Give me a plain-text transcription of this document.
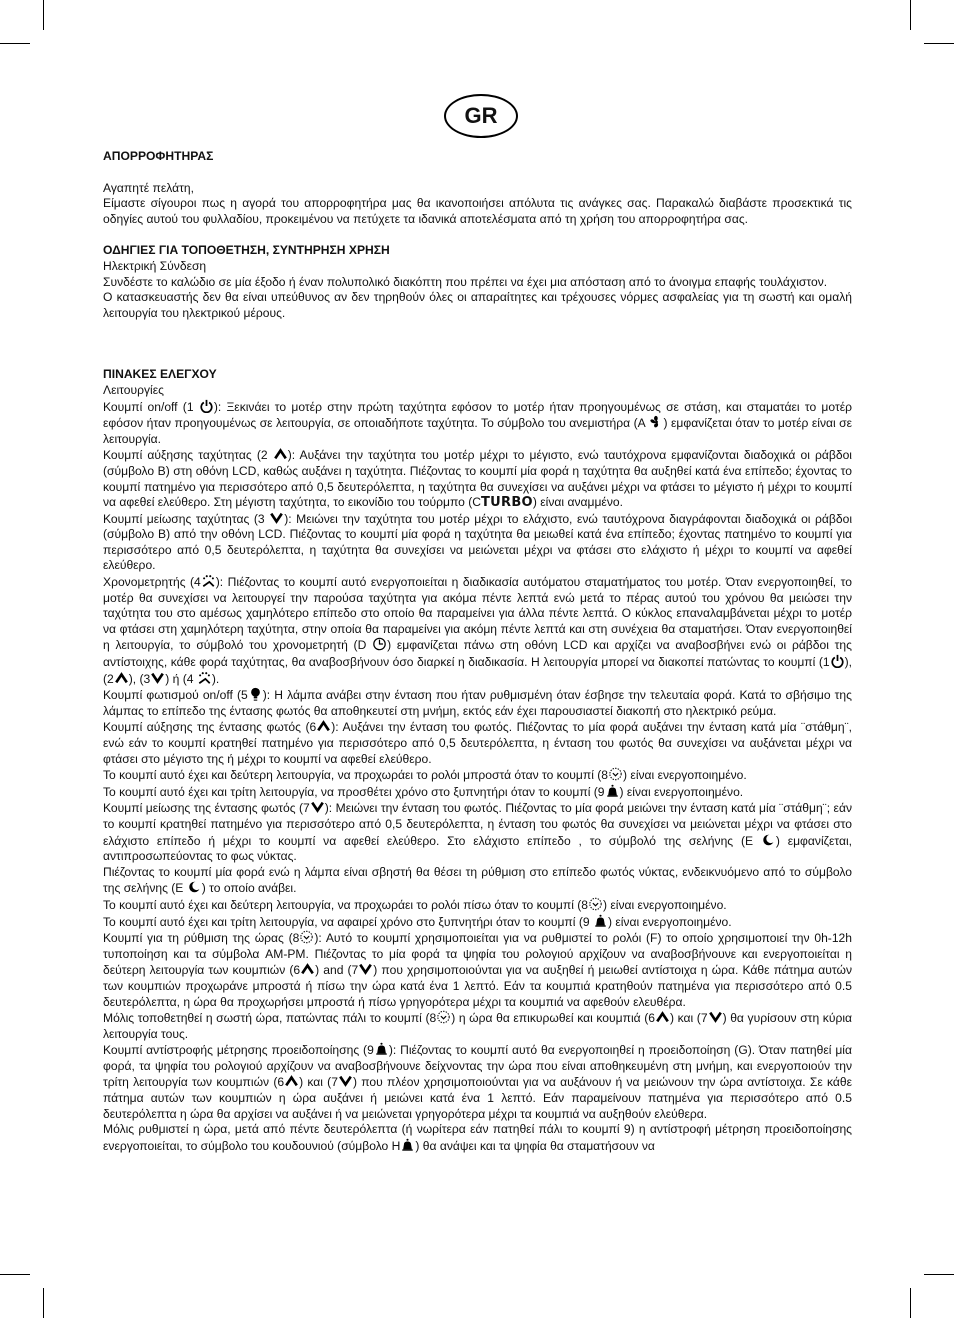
GR

ΑΠΟΡΡΟΦΗΤΗΡΑΣ

Αγαπητέ πελάτη,

Είμαστε σίγουροι πως η αγορά του απορροφητήρα μας θα ικανοποιήσει απόλυτα τις ανάγκες σας. Παρακαλώ διαβάστε προσεκτικά τις οδηγίες αυτού του φυλλαδίου, προκειμένου να πετύχετε τα ιδανικά αποτελέσματα από τη χρήση του απορροφητήρα σας.

ΟΔΗΓΙΕΣ ΓΙΑ ΤΟΠΟΘΕΤΗΣΗ, ΣΥΝΤΗΡΗΣΗ ΧΡΗΣΗ

Ηλεκτρική Σύνδεση

Συνδέστε το καλώδιο σε μία έξοδο ή έναν πολυπολικό διακόπτη που πρέπει να έχει μια απόσταση από το άνοιγμα επαφής τουλάχιστον.

Ο κατασκευαστής δεν θα είναι υπεύθυνος αν δεν τηρηθούν όλες οι απαραίτητες και τρέχουσες νόρμες ασφαλείας για τη σωστή και ομαλή λειτουργία του ηλεκτρικού μέρους.

ΠΙΝΑΚΕΣ ΕΛΕΓΧΟΥ

Λειτουργίες

Κουμπί on/off (1 ): Ξεκινάει το μοτέρ στην πρώτη ταχύτητα εφόσον το μοτέρ ήταν προηγουμένως σε στάση, και σταματάει το μοτέρ εφόσον ήταν προηγουμένως σε λειτουργία, σε οποιαδήποτε ταχύτητα. Το σύμβολο του ανεμιστήρα (A ) εμφανίζεται όταν το μοτέρ είναι σε λειτουργία.

Κουμπί αύξησης ταχύτητας (2 ): Αυξάνει την ταχύτητα του μοτέρ μέχρι το μέγιστο, ενώ ταυτόχρονα εμφανίζονται διαδοχικά οι ράβδοι (σύμβολο B) στη οθόνη LCD, καθώς αυξάνει η ταχύτητα. Πιέζοντας το κουμπί μία φορά η ταχύτητα θα αυξηθεί κατά ένα επίπεδο; έχοντας το κουμπί πατημένο για περισσότερο από 0,5 δευτερόλεπτα, η ταχύτητα θα συνεχίσει να αυξάνει μέχρι να φτάσει το μέγιστο ή μέχρι το κουμπί να αφεθεί ελεύθερο. Στη μέγιστη ταχύτητα, το εικονίδιο του τούρμπο (CTURBO) είναι αναμμένο.

Κουμπί μείωσης ταχύτητας (3 ): Μειώνει την ταχύτητα του μοτέρ μέχρι το ελάχιστο, ενώ ταυτόχρονα διαγράφονται διαδοχικά οι ράβδοι (σύμβολο B) από την οθόνη LCD. Πιέζοντας το κουμπί μία φορά η ταχύτητα θα μειωθεί κατά ένα επίπεδο; έχοντας πατημένο το κουμπί για περισσότερο από 0,5 δευτερόλεπτα, η ταχύτητα θα συνεχίσει να μειώνεται μέχρι να φτάσει στο ελάχιστο ή μέχρι το κουμπί να αφεθεί ελεύθερο.

Χρονομετρητής (4 ): Πιέζοντας το κουμπί αυτό ενεργοποιείται η διαδικασία αυτόματου σταματήματος του μοτέρ. Όταν ενεργοποιηθεί, το μοτέρ θα συνεχίσει να λειτουργεί την παρούσα ταχύτητα για ακόμα πέντε λεπτά ενώ μετά το πέρας αυτού του χρόνου θα μειώσει την ταχύτητα του στο αμέσως χαμηλότερο επίπεδο στο οποίο θα παραμείνει για άλλα πέντε λεπτά. Ο κύκλος επαναλαμβάνεται μέχρι το μοτέρ να φτάσει στη χαμηλότερη ταχύτητα, στην οποία θα παραμείνει για ακόμη πέντε λεπτά και στη συνέχεια θα σταματήσει. Όταν ενεργοποιηθεί η λειτουργία, το σύμβολό του χρονομετρητή (D ) εμφανίζεται πάνω στη οθόνη LCD και αρχίζει να αναβοσβήνει ενώ οι ράβδοι της αντίστοιχης, κάθε φορά ταχύτητας, θα αναβοσβήνουν όσο διαρκεί η διαδικασία. Η λειτουργία μπορεί να διακοπεί πατώντας το κουμπί (1 ), (2 ), (3 ) ή (4 ).

Κουμπί φωτισμού on/off (5 ): Η λάμπα ανάβει στην ένταση που ήταν ρυθμισμένη όταν έσβησε την τελευταία φορά. Κατά το σβήσιμο της λάμπας το επίπεδο της έντασης φωτός θα αποθηκευτεί στη μνήμη, εκτός εάν έχει παρουσιαστεί διακοπή στο ηλεκτρικό ρεύμα.

Κουμπί αύξησης της έντασης φωτός (6 ): Αυξάνει την ένταση του φωτός. Πιέζοντας το μία φορά αυξάνει την ένταση κατά μία ¨στάθμη¨, ενώ εάν το κουμπί κρατηθεί πατημένο για περισσότερο από 0,5 δευτερόλεπτα, η ένταση του φωτός θα συνεχίσει να αυξάνεται μέχρι να φτάσει στο μέγιστο της ή μέχρι το κουμπί να αφεθεί ελεύθερο.

Το κουμπί αυτό έχει και δεύτερη λειτουργία, να προχωράει το ρολόι μπροστά όταν το κουμπί (8 ) είναι ενεργοποιημένο.

Το κουμπί αυτό έχει και τρίτη λειτουργία, να προσθέτει χρόνο στο ξυπνητήρι όταν το κουμπί (9 ) είναι ενεργοποιημένο.

Κουμπί μείωσης της έντασης φωτός (7 ): Μειώνει την ένταση του φωτός. Πιέζοντας το μία φορά μειώνει την ένταση κατά μία ¨στάθμη¨; εάν το κουμπί κρατηθεί πατημένο για περισσότερο από 0,5 δευτερόλεπτα, η ένταση του φωτός θα συνεχίσει να μειώνεται μέχρι να φτάσει στο ελάχιστο επίπεδο ή μέχρι το κουμπί να αφεθεί ελεύθερο. Στο ελάχιστο επίπεδο , το σύμβολό της σελήνης (E ) εμφανίζεται, αντιπροσωπεύοντας το φως νύκτας.

Πιέζοντας το κουμπί μία φορά ενώ η λάμπα είναι σβηστή θα θέσει τη ρύθμιση στο επίπεδο φωτός νύκτας, ενδεικνυόμενο από το σύμβολο της σελήνης (E ) το οποίο ανάβει.

Το κουμπί αυτό έχει και δεύτερη λειτουργία, να προχωράει το ρολόι πίσω όταν το κουμπί (8 ) είναι ενεργοποιημένο.

Το κουμπί αυτό έχει και τρίτη λειτουργία, να αφαιρεί χρόνο στο ξυπνητήρι όταν το κουμπί (9 ) είναι ενεργοποιημένο.

Κουμπί για τη ρύθμιση της ώρας (8 ): Αυτό το κουμπί χρησιμοποιείται για να ρυθμιστεί το ρολόι (F) το οποίο χρησιμοποιεί την 0h-12h τυποποίηση και τα σύμβολα AM-PM. Πιέζοντας το μία φορά τα ψηφία του ρολογιού αρχίζουν να αναβοσβήνουνε και ενεργοποιείται η δεύτερη λειτουργία των κουμπιών (6 ) and (7 ) που χρησιμοποιούνται για να αυξηθεί ή μειωθεί αντίστοιχα η ώρα. Κάθε πάτημα αυτών των κουμπιών προχωράνε μπροστά ή πίσω την ώρα κατά ένα 1 λεπτό. Εάν τα κουμπιά κρατηθούν πατημένα για περισσότερο από 0.5 δευτερόλεπτα, η ώρα θα προχωρήσει μπροστά ή πίσω γρηγορότερα μέχρι τα κουμπιά να αφεθούν ελευθέρα.

Μόλις τοποθετηθεί η σωστή ώρα, πατώντας πάλι το κουμπί (8 ) η ώρα θα επικυρωθεί και κουμπιά (6 ) και (7 ) θα γυρίσουν στη κύρια λειτουργία τους.

Κουμπί αντίστροφής μέτρησης προειδοποίησης (9 ): Πιέζοντας το κουμπί αυτό θα ενεργοποιηθεί η προειδοποίηση (G). Όταν πατηθεί μία φορά, τα ψηφία του ρολογιού αρχίζουν να αναβοσβήνουνε δείχνοντας την ώρα που είναι αποθηκευμένη στη μνήμη, και ενεργοποιούν την τρίτη λειτουργία των κουμπιών (6 ) και (7 ) που πλέον χρησιμοποιούνται για να αυξάνουν ή να μειώνουν την ώρα αντίστοιχα. Σε κάθε πάτημα αυτών των κουμπιών η ώρα αυξάνει ή μειώνει κατά ένα 1 λεπτό. Εάν παραμείνουν πατημένα για περισσότερο από 0.5 δευτερόλεπτα η ώρα θα αρχίσει να αυξάνει ή να μειώνεται γρηγορότερα μέχρι τα κουμπιά να αυξηθούν ελεύθερα.

Μόλις ρυθμιστεί η ώρα, μετά από πέντε δευτερόλεπτα (ή νωρίτερα εάν πατηθεί πάλι το κουμπί 9) η αντίστροφή μέτρηση προειδοποίησης ενεργοποιείται, το σύμβολο του κουδουνιού (σύμβολο H ) θα ανάψει και τα ψηφία θα σταματήσουν να
